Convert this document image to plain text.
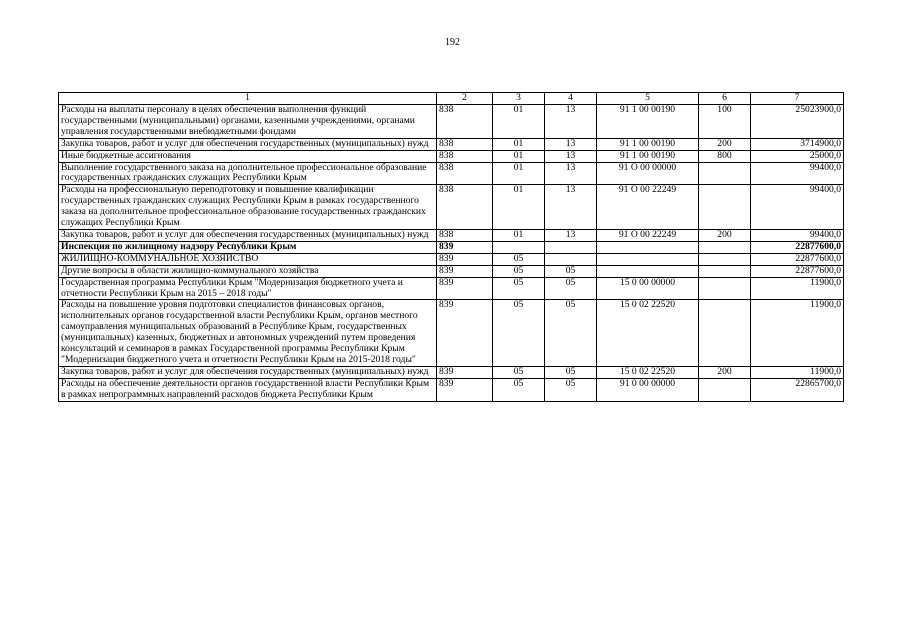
192
1	2	3	4	5	6	7
Расходы на выплаты персоналу в целях обеспечения выполнения функций государственными (муниципальными) органами, казенными учреждениями, органами управления государственными внебюджетными фондами	838	01	13	91 1 00 00190	100	25023900,0
Закупка товаров, работ и услуг для обеспечения государственных (муниципальных) нужд	838	01	13	91 1 00 00190	200	3714900,0
Иные бюджетные ассигнования	838	01	13	91 1 00 00190	800	25000,0
Выполнение государственного заказа на дополнительное профессиональное образование государственных гражданских служащих Республики Крым	838	01	13	91 О 00 00000		99400,0
Расходы на профессиональную переподготовку и повышение квалификации государственных гражданских служащих Республики Крым в рамках государственного заказа на дополнительное профессиональное образование государственных гражданских служащих Республики Крым	838	01	13	91 О 00 22249		99400,0
Закупка товаров, работ и услуг для обеспечения государственных (муниципальных) нужд	838	01	13	91 О 00 22249	200	99400,0
Инспекция по жилищному надзору Республики Крым	839					22877600,0
ЖИЛИЩНО-КОММУНАЛЬНОЕ ХОЗЯЙСТВО	839	05				22877600,0
Другие вопросы в области жилищно-коммунального хозяйства	839	05	05			22877600,0
Государственная программа Республики Крым "Модернизация бюджетного учета и отчетности Республики Крым на 2015 – 2018 годы"	839	05	05	15 0 00 00000		11900,0
Расходы на повышение уровня подготовки специалистов финансовых органов, исполнительных органов государственной власти Республики Крым, органов местного самоуправления муниципальных образований в Республике Крым, государственных (муниципальных) казенных, бюджетных и автономных учреждений путем проведения консультаций и семинаров в рамках Государственной программы Республики Крым "Модернизация бюджетного учета и отчетности Республики Крым на 2015-2018 годы"	839	05	05	15 0 02 22520		11900,0
Закупка товаров, работ и услуг для обеспечения государственных (муниципальных) нужд	839	05	05	15 0 02 22520	200	11900,0
Расходы на обеспечение деятельности органов государственной власти Республики Крым в рамках непрограммных направлений расходов бюджета Республики Крым	839	05	05	91 0 00 00000		22865700,0
